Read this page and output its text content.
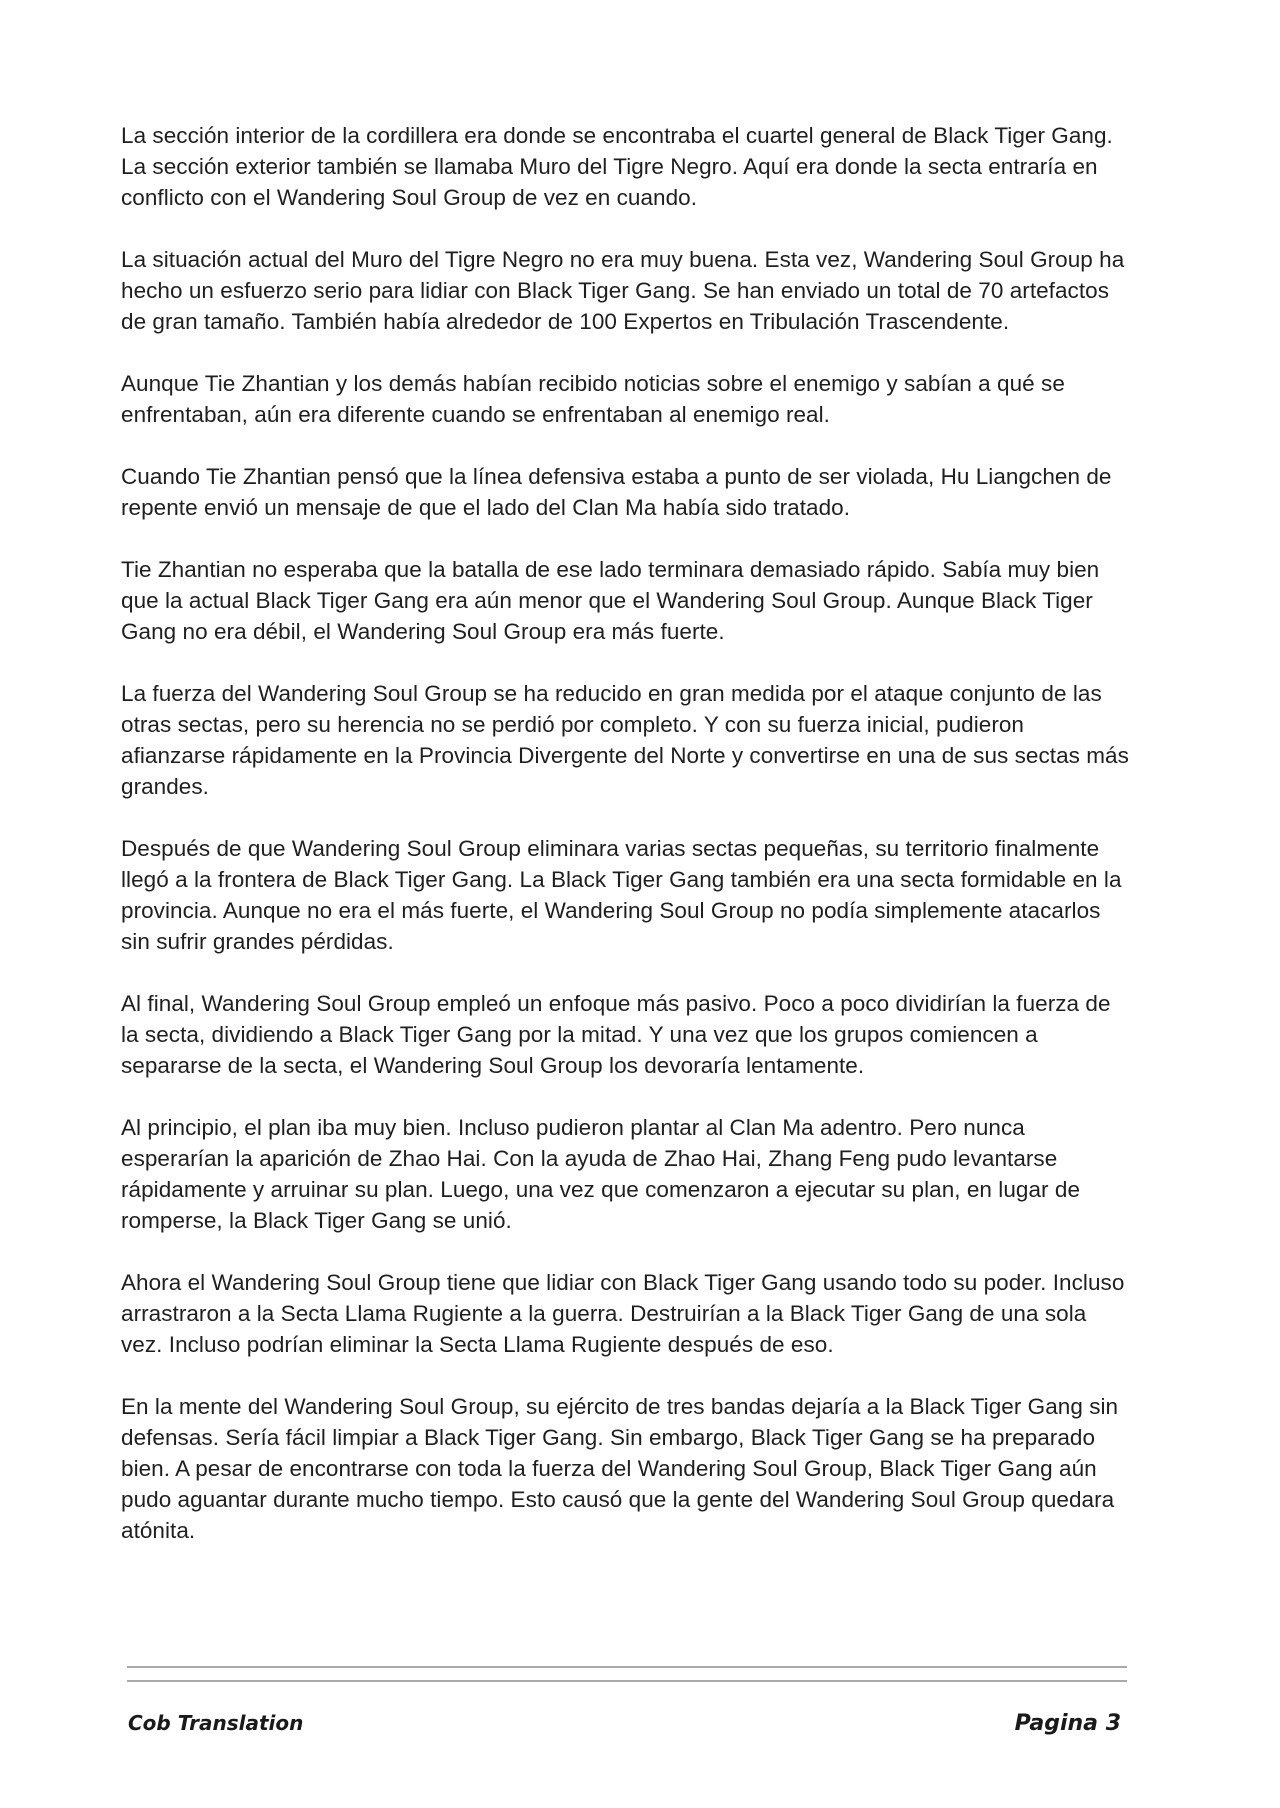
La sección interior de la cordillera era donde se encontraba el cuartel general de Black Tiger Gang. La sección exterior también se llamaba Muro del Tigre Negro. Aquí era donde la secta entraría en conflicto con el Wandering Soul Group de vez en cuando.

La situación actual del Muro del Tigre Negro no era muy buena. Esta vez, Wandering Soul Group ha hecho un esfuerzo serio para lidiar con Black Tiger Gang. Se han enviado un total de 70 artefactos de gran tamaño. También había alrededor de 100 Expertos en Tribulación Trascendente.

Aunque Tie Zhantian y los demás habían recibido noticias sobre el enemigo y sabían a qué se enfrentaban, aún era diferente cuando se enfrentaban al enemigo real.

Cuando Tie Zhantian pensó que la línea defensiva estaba a punto de ser violada, Hu Liangchen de repente envió un mensaje de que el lado del Clan Ma había sido tratado.

Tie Zhantian no esperaba que la batalla de ese lado terminara demasiado rápido. Sabía muy bien que la actual Black Tiger Gang era aún menor que el Wandering Soul Group. Aunque Black Tiger Gang no era débil, el Wandering Soul Group era más fuerte.

La fuerza del Wandering Soul Group se ha reducido en gran medida por el ataque conjunto de las otras sectas, pero su herencia no se perdió por completo. Y con su fuerza inicial, pudieron afianzarse rápidamente en la Provincia Divergente del Norte y convertirse en una de sus sectas más grandes.

Después de que Wandering Soul Group eliminara varias sectas pequeñas, su territorio finalmente llegó a la frontera de Black Tiger Gang. La Black Tiger Gang también era una secta formidable en la provincia. Aunque no era el más fuerte, el Wandering Soul Group no podía simplemente atacarlos sin sufrir grandes pérdidas.

Al final, Wandering Soul Group empleó un enfoque más pasivo. Poco a poco dividirían la fuerza de la secta, dividiendo a Black Tiger Gang por la mitad. Y una vez que los grupos comiencen a separarse de la secta, el Wandering Soul Group los devoraría lentamente.

Al principio, el plan iba muy bien. Incluso pudieron plantar al Clan Ma adentro. Pero nunca esperarían la aparición de Zhao Hai. Con la ayuda de Zhao Hai, Zhang Feng pudo levantarse rápidamente y arruinar su plan. Luego, una vez que comenzaron a ejecutar su plan, en lugar de romperse, la Black Tiger Gang se unió.

Ahora el Wandering Soul Group tiene que lidiar con Black Tiger Gang usando todo su poder. Incluso arrastraron a la Secta Llama Rugiente a la guerra. Destruirían a la Black Tiger Gang de una sola vez. Incluso podrían eliminar la Secta Llama Rugiente después de eso.

En la mente del Wandering Soul Group, su ejército de tres bandas dejaría a la Black Tiger Gang sin defensas. Sería fácil limpiar a Black Tiger Gang. Sin embargo, Black Tiger Gang se ha preparado bien. A pesar de encontrarse con toda la fuerza del Wandering Soul Group, Black Tiger Gang aún pudo aguantar durante mucho tiempo. Esto causó que la gente del Wandering Soul Group quedara atónita.

Cob Translation	Pagina 3
